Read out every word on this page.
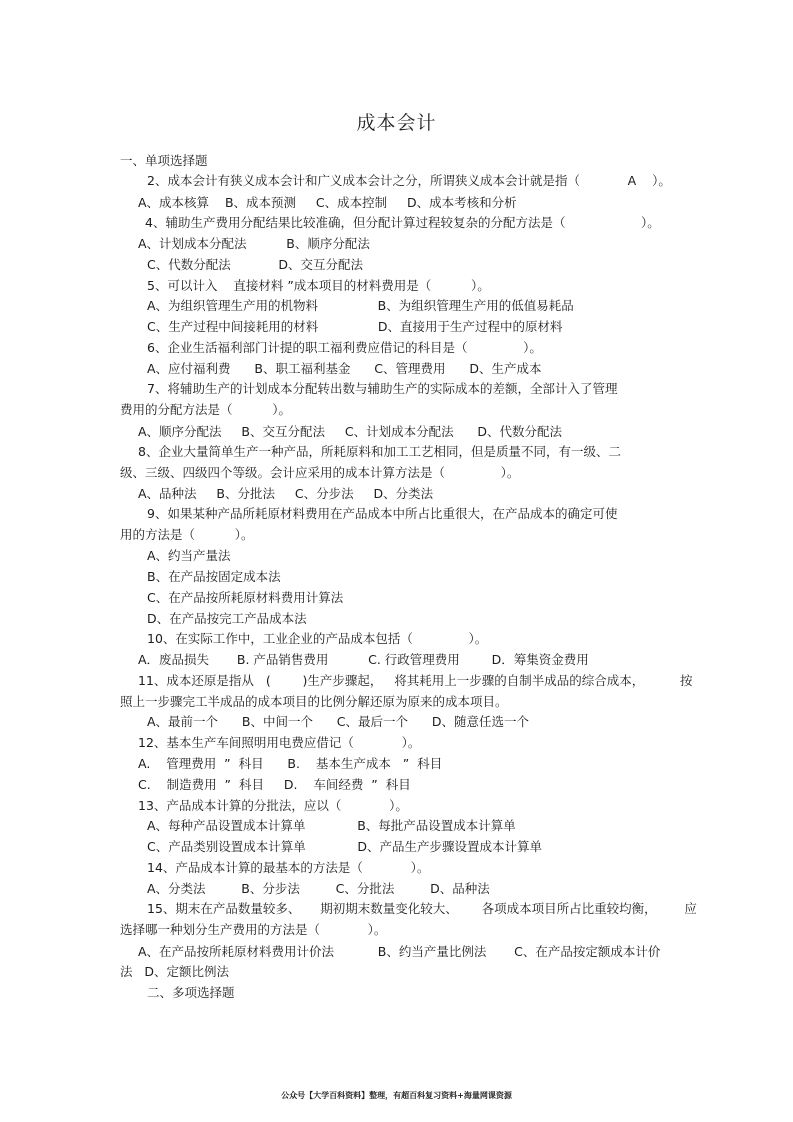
成本会计
一、单项选择题
2、成本会计有狭义成本会计和广义成本会计之分，所谓狭义成本会计就是指（            A    ）。
A、成本核算    B、成本预测     C、成本控制     D、成本考核和分析
4、辅助生产费用分配结果比较准确，但分配计算过程较复杂的分配方法是（                   ）。
A、计划成本分配法          B、顺序分配法
C、代数分配法            D、交互分配法
5、可以计入    直接材料 ”成本项目的材料费用是（          ）。
A、为组织管理生产用的机物料               B、为组织管理生产用的低值易耗品
C、生产过程中间接耗用的材料               D、直接用于生产过程中的原材料
6、企业生活福利部门计提的职工福利费应借记的科目是（              ）。
A、应付福利费      B、职工福利基金      C、管理费用      D、生产成本
7、将辅助生产的计划成本分配转出数与辅助生产的实际成本的差额，全部计入了管理
费用的分配方法是（          ）。
A、顺序分配法     B、交互分配法     C、计划成本分配法      D、代数分配法
8、企业大量简单生产一种产品，所耗原料和加工工艺相同，但是质量不同，有一级、二
级、三级、四级四个等级。会计应采用的成本计算方法是（              ）。
A、品种法     B、分批法     C、分步法     D、分类法
9、如果某种产品所耗原材料费用在产品成本中所占比重很大，在产品成本的确定可使
用的方法是（          ）。
A、约当产量法
B、在产品按固定成本法
C、在产品按所耗原材料费用计算法
D、在产品按完工产品成本法
10、在实际工作中，工业企业的产品成本包括（              ）。
A．废品损失       B. 产品销售费用          C. 行政管理费用        D．筹集资金费用
11、成本还原是指从   (        )生产步骤起，   将其耗用上一步骤的自制半成品的综合成本，         按
照上一步骤完工半成品的成本项目的比例分解还原为原来的成本项目。
A、最前一个      B、中间一个      C、最后一个      D、随意任选一个
12、基本生产车间照明用电费应借记（            ）。
A.    管理费用  ”  科目      B.    基本生产成本   ”  科目
C.    制造费用  ”  科目     D.    车间经费  ”  科目
13、产品成本计算的分批法，应以（            ）。
A、每种产品设置成本计算单             B、每批产品设置成本计算单
C、产品类别设置成本计算单             D、产品生产步骤设置成本计算单
14、产品成本计算的最基本的方法是（            ）。
A、分类法         B、分步法         C、分批法         D、品种法
15、期末在产品数量较多、     期初期末数量变化较大、      各项成本项目所占比重较均衡，       应
选择哪一种划分生产费用的方法是（            ）。
A、在产品按所耗原材料费用计价法           B、约当产量比例法       C、在产品按定额成本计价
法   D、定额比例法
二、多项选择题
公众号【大学百科资料】整理，有超百科复习资料+海量网课资源
